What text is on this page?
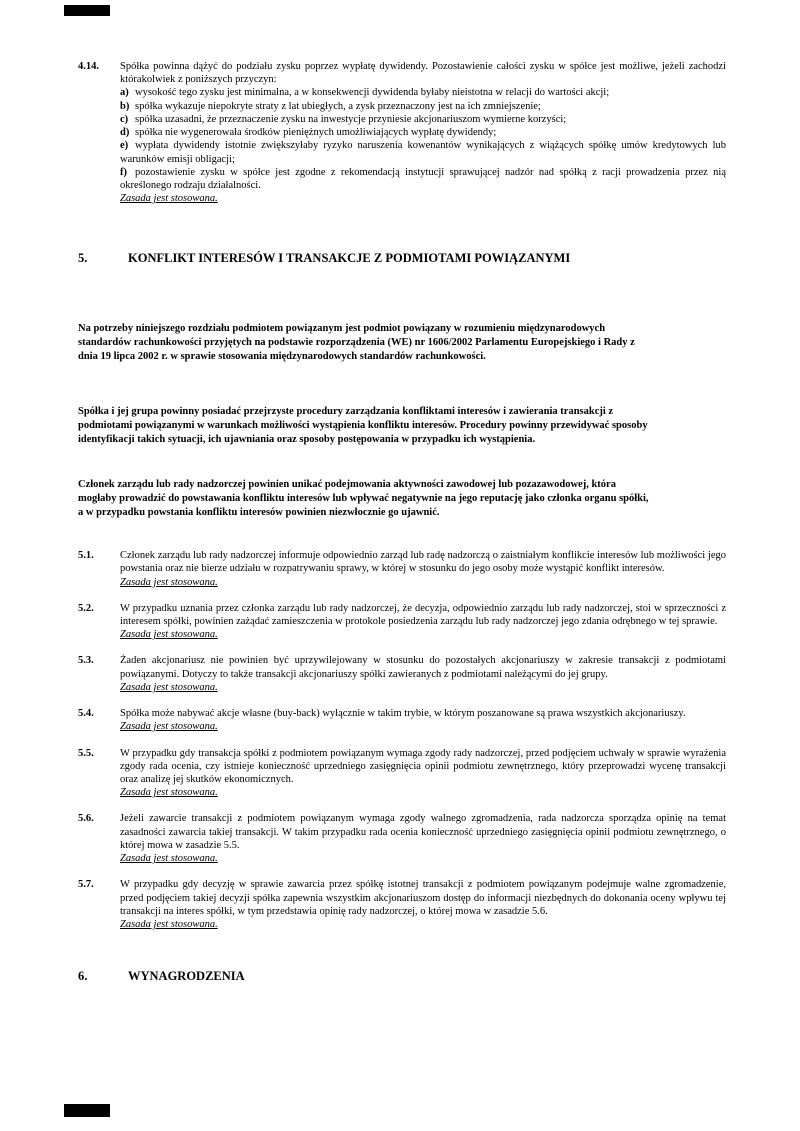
4.14.	Spółka powinna dążyć do podziału zysku poprzez wypłatę dywidendy. Pozostawienie całości zysku w spółce jest możliwe, jeżeli zachodzi którakolwiek z poniższych przyczyn:
a) wysokość tego zysku jest minimalna, a w konsekwencji dywidenda byłaby nieistotna w relacji do wartości akcji;
b) spółka wykazuje niepokryte straty z lat ubiegłych, a zysk przeznaczony jest na ich zmniejszenie;
c) spółka uzasadni, że przeznaczenie zysku na inwestycje przyniesie akcjonariuszom wymierne korzyści;
d) spółka nie wygenerowała środków pieniężnych umożliwiających wypłatę dywidendy;
e) wypłata dywidendy istotnie zwiększyłaby ryzyko naruszenia kowenantów wynikających z wiążących spółkę umów kredytowych lub warunków emisji obligacji;
f) pozostawienie zysku w spółce jest zgodne z rekomendacją instytucji sprawującej nadzór nad spółką z racji prowadzenia przez nią określonego rodzaju działalności.
Zasada jest stosowana.
5.	KONFLIKT INTERESÓW I TRANSAKCJE Z PODMIOTAMI POWIĄZANYMI
Na potrzeby niniejszego rozdziału podmiotem powiązanym jest podmiot powiązany w rozumieniu międzynarodowych standardów rachunkowości przyjętych na podstawie rozporządzenia (WE) nr 1606/2002 Parlamentu Europejskiego i Rady z dnia 19 lipca 2002 r. w sprawie stosowania międzynarodowych standardów rachunkowości.
Spółka i jej grupa powinny posiadać przejrzyste procedury zarządzania konfliktami interesów i zawierania transakcji z podmiotami powiązanymi w warunkach możliwości wystąpienia konfliktu interesów. Procedury powinny przewidywać sposoby identyfikacji takich sytuacji, ich ujawniania oraz sposoby postępowania w przypadku ich wystąpienia.
Członek zarządu lub rady nadzorczej powinien unikać podejmowania aktywności zawodowej lub pozazawodowej, która mogłaby prowadzić do powstawania konfliktu interesów lub wpływać negatywnie na jego reputację jako członka organu spółki, a w przypadku powstania konfliktu interesów powinien niezwłocznie go ujawnić.
5.1.	Członek zarządu lub rady nadzorczej informuje odpowiednio zarząd lub radę nadzorczą o zaistniałym konflikcie interesów lub możliwości jego powstania oraz nie bierze udziału w rozpatrywaniu sprawy, w której w stosunku do jego osoby może wystąpić konflikt interesów.
Zasada jest stosowana.
5.2.	W przypadku uznania przez członka zarządu lub rady nadzorczej, że decyzja, odpowiednio zarządu lub rady nadzorczej, stoi w sprzeczności z interesem spółki, powinien zażądać zamieszczenia w protokole posiedzenia zarządu lub rady nadzorczej jego zdania odrębnego w tej sprawie.
Zasada jest stosowana.
5.3.	Żaden akcjonariusz nie powinien być uprzywilejowany w stosunku do pozostałych akcjonariuszy w zakresie transakcji z podmiotami powiązanymi. Dotyczy to także transakcji akcjonariuszy spółki zawieranych z podmiotami należącymi do jej grupy.
Zasada jest stosowana.
5.4.	Spółka może nabywać akcje własne (buy-back) wyłącznie w takim trybie, w którym poszanowane są prawa wszystkich akcjonariuszy.
Zasada jest stosowana.
5.5.	W przypadku gdy transakcja spółki z podmiotem powiązanym wymaga zgody rady nadzorczej, przed podjęciem uchwały w sprawie wyrażenia zgody rada ocenia, czy istnieje konieczność uprzedniego zasięgnięcia opinii podmiotu zewnętrznego, który przeprowadzi wycenę transakcji oraz analizę jej skutków ekonomicznych.
Zasada jest stosowana.
5.6.	Jeżeli zawarcie transakcji z podmiotem powiązanym wymaga zgody walnego zgromadzenia, rada nadzorcza sporządza opinię na temat zasadności zawarcia takiej transakcji. W takim przypadku rada ocenia konieczność uprzedniego zasięgnięcia opinii podmiotu zewnętrznego, o której mowa w zasadzie 5.5.
Zasada jest stosowana.
5.7.	W przypadku gdy decyzję w sprawie zawarcia przez spółkę istotnej transakcji z podmiotem powiązanym podejmuje walne zgromadzenie, przed podjęciem takiej decyzji spółka zapewnia wszystkim akcjonariuszom dostęp do informacji niezbędnych do dokonania oceny wpływu tej transakcji na interes spółki, w tym przedstawia opinię rady nadzorczej, o której mowa w zasadzie 5.6.
Zasada jest stosowana.
6.	WYNAGRODZENIA
